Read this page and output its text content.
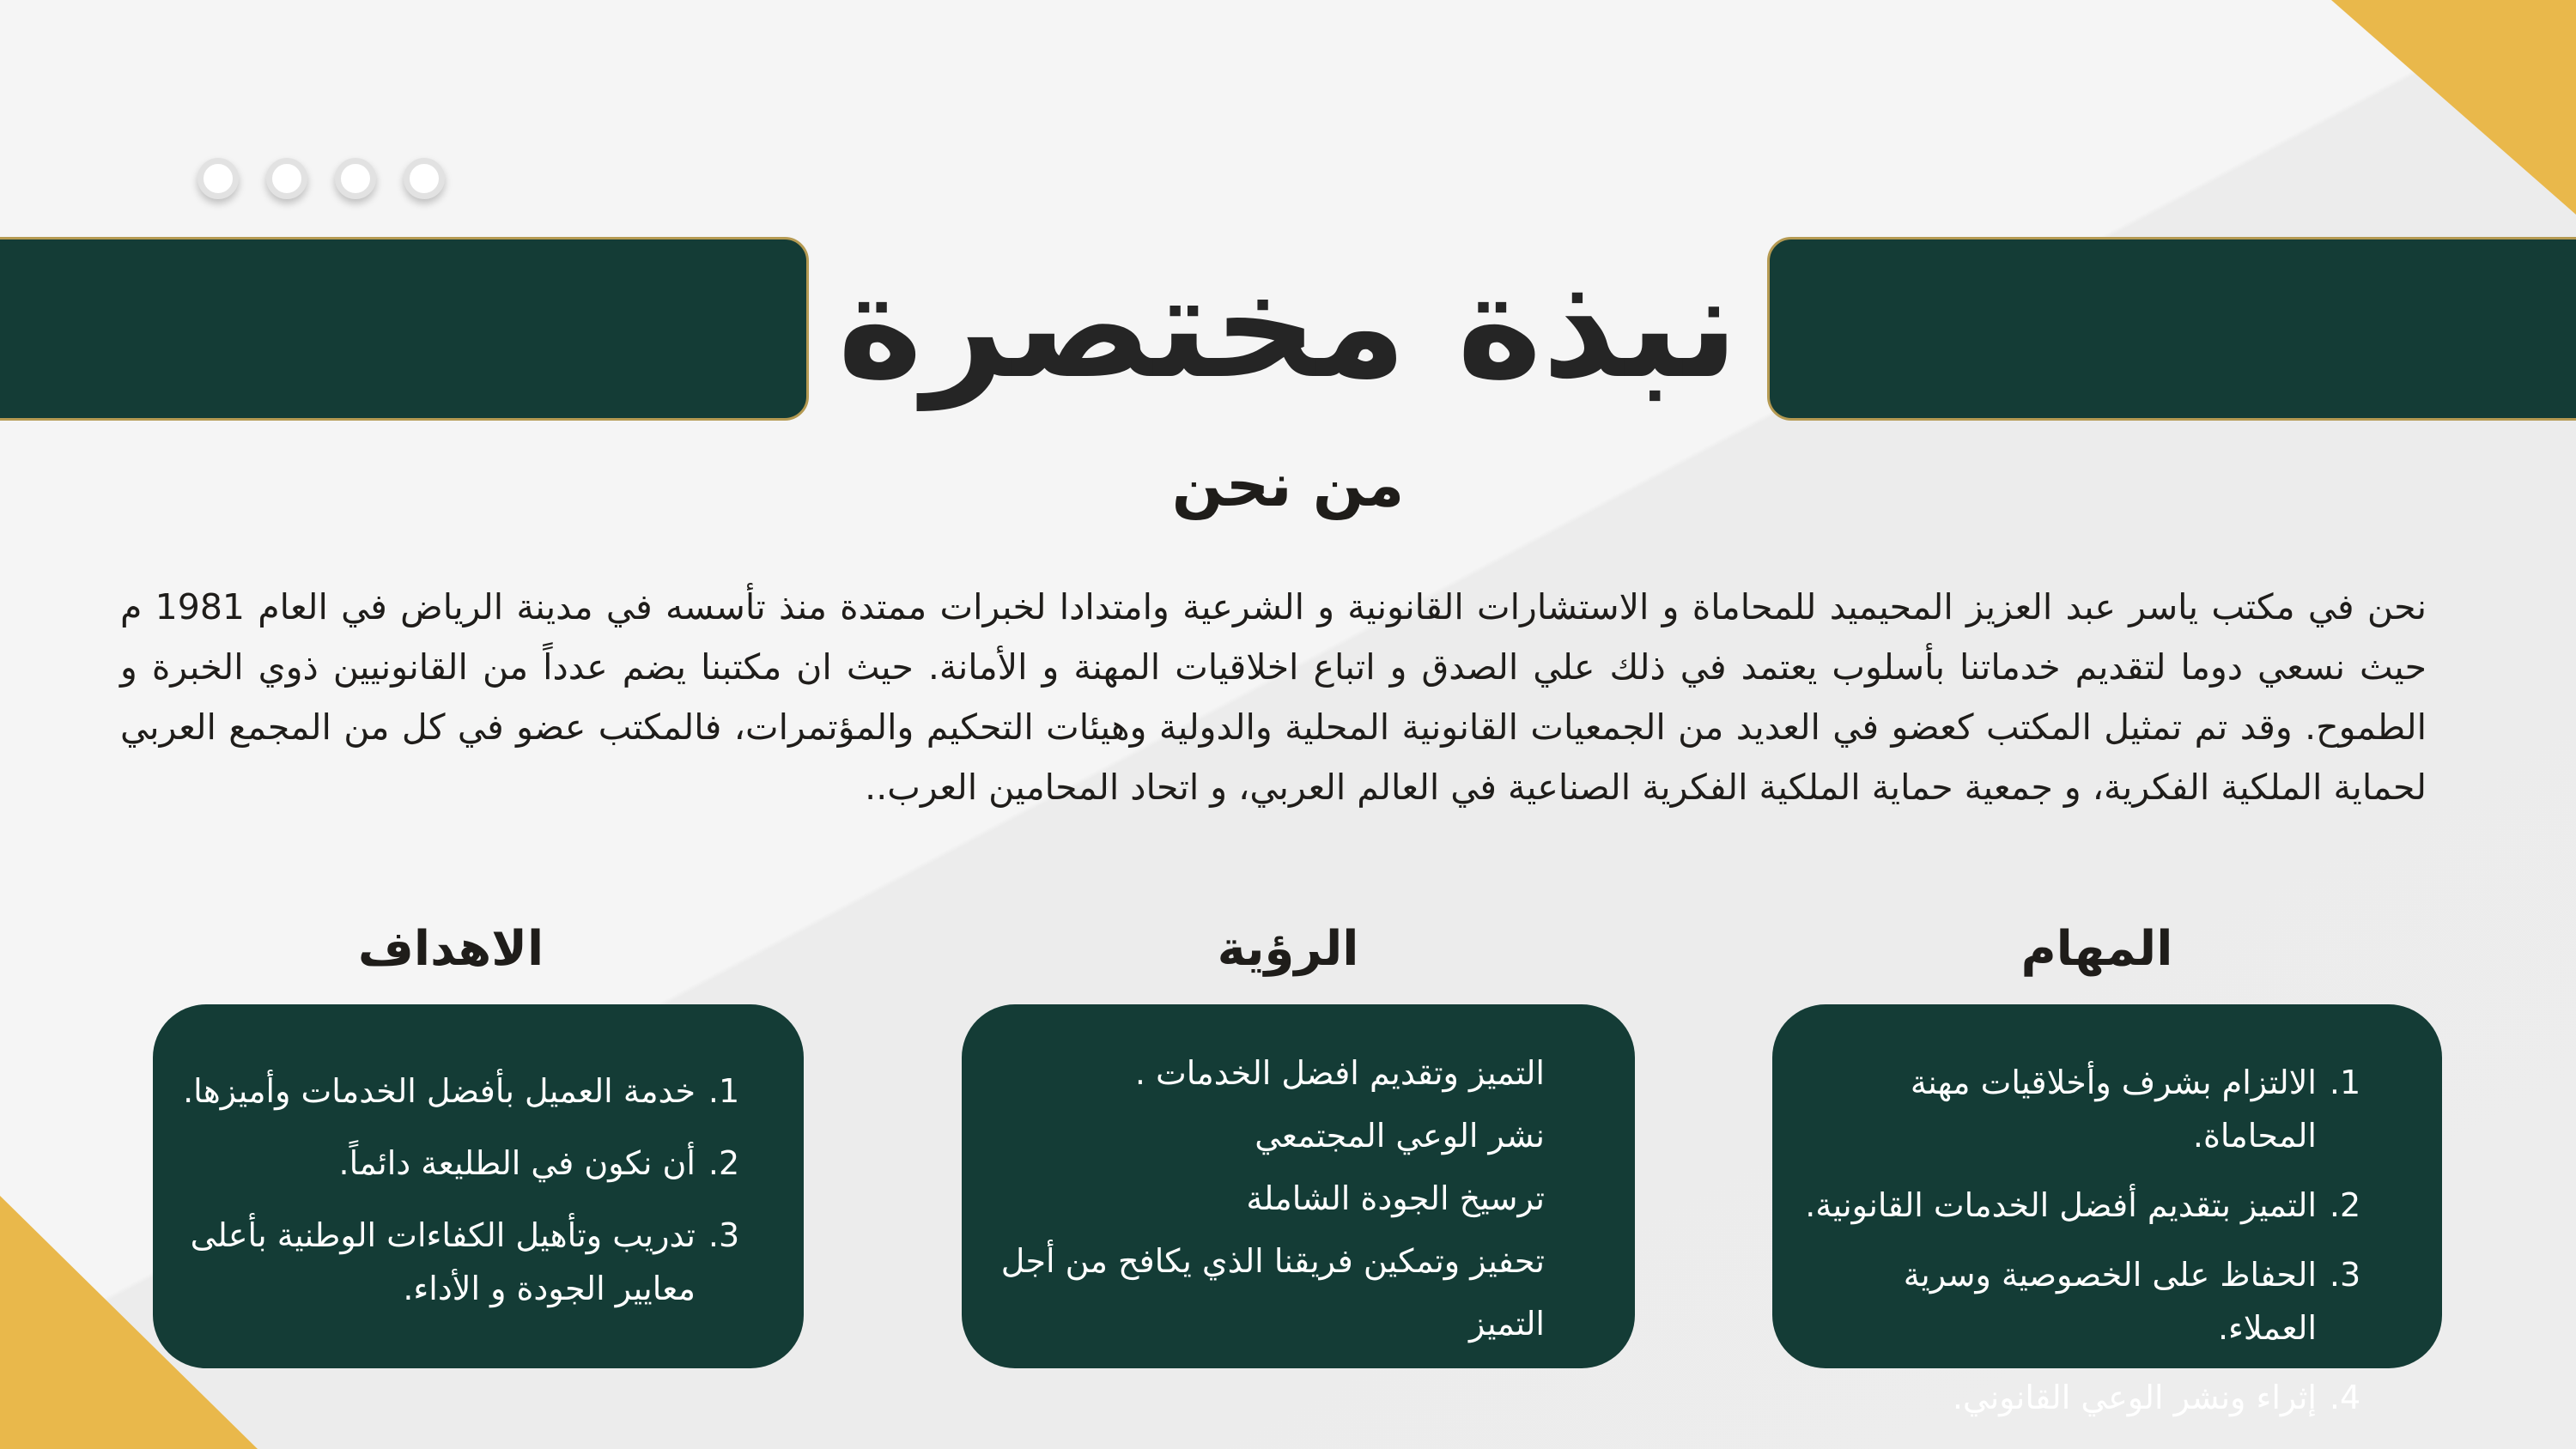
نبذة مختصرة
من نحن

نحن في مكتب ياسر عبد العزيز المحيميد للمحاماة و الاستشارات القانونية و الشرعية وامتدادا لخبرات ممتدة منذ تأسسه في مدينة الرياض في العام 1981 م حيث نسعي دوما لتقديم خدماتنا بأسلوب يعتمد في ذلك علي الصدق و اتباع اخلاقيات المهنة و الأمانة. حيث ان مكتبنا يضم عدداً من القانونيين ذوي الخبرة و الطموح. وقد تم تمثيل المكتب كعضو في العديد من الجمعيات القانونية المحلية والدولية وهيئات التحكيم والمؤتمرات، فالمكتب عضو في كل من المجمع العربي لحماية الملكية الفكرية، و جمعية حماية الملكية الفكرية الصناعية في العالم العربي، و اتحاد المحامين العرب..

المهام
1.
الالتزام بشرف وأخلاقيات مهنة المحاماة.
2.
التميز بتقديم أفضل الخدمات القانونية.
3.
الحفاظ على الخصوصية وسرية العملاء.
4.
إثراء ونشر الوعي القانوني.
الرؤية
التميز وتقديم افضل الخدمات .
نشر الوعي المجتمعي
ترسيخ الجودة الشاملة
تحفيز وتمكين فريقنا الذي يكافح من أجل التميز
الاهداف
1.
خدمة العميل بأفضل الخدمات وأميزها.
2.
أن نكون في الطليعة دائماً.
3.
تدريب وتأهيل الكفاءات الوطنية بأعلى معايير الجودة و الأداء.
